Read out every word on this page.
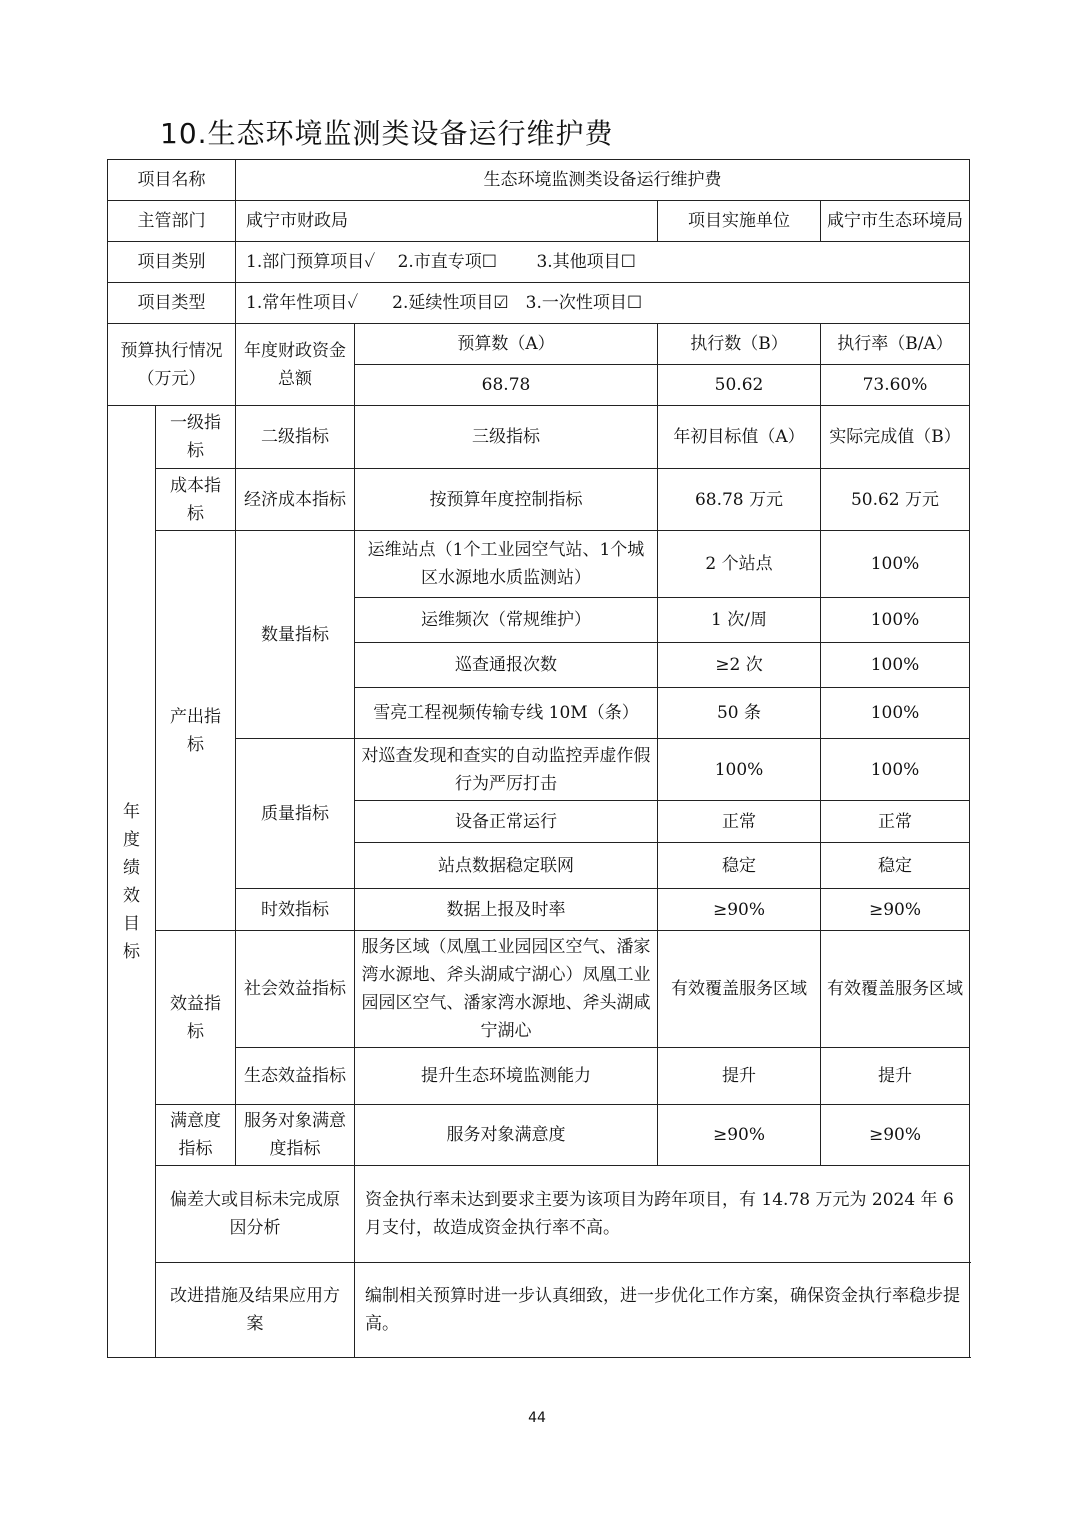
10.生态环境监测类设备运行维护费
项目名称		生态环境监测类设备运行维护费			
主管部门		咸宁市财政局		项目实施单位	咸宁市生态环境局
项目类别		1.部门预算项目✓ 　2.市直专项☐ 　　3.其他项目☐			
项目类型		1.常年性项目✓　　2.延续性项目☑　3.一次性项目☐			
预算执行情况（万元）		年度财政资金总额	预算数（A）	执行数（B）	执行率（B/A）
			68.78	50.62	73.60%
年度绩效目标	一级指标	二级指标	三级指标	年初目标值（A）	实际完成值（B）
	成本指标	经济成本指标	按预算年度控制指标	68.78 万元	50.62 万元
	产出指标	数量指标	运维站点（1个工业园空气站、1个城区水源地水质监测站）	2 个站点	100%
			运维频次（常规维护）	1 次/周	100%
			巡查通报次数	≥2 次	100%
			雪亮工程视频传输专线 10M（条）	50 条	100%
		质量指标	对巡查发现和查实的自动监控弄虚作假行为严厉打击	100%	100%
			设备正常运行	正常	正常
			站点数据稳定联网	稳定	稳定
		时效指标	数据上报及时率	≥90%	≥90%
	效益指标	社会效益指标	服务区域（凤凰工业园园区空气、潘家湾水源地、斧头湖咸宁湖心）凤凰工业园园区空气、潘家湾水源地、斧头湖咸宁湖心	有效覆盖服务区域	有效覆盖服务区域
		生态效益指标	提升生态环境监测能力	提升	提升
	满意度指标	服务对象满意度指标	服务对象满意度	≥90%	≥90%
	偏差大或目标未完成原因分析		资金执行率未达到要求主要为该项目为跨年项目，有 14.78 万元为 2024 年 6 月支付，故造成资金执行率不高。		
	改进措施及结果应用方案		编制相关预算时进一步认真细致，进一步优化工作方案，确保资金执行率稳步提高。		
44
